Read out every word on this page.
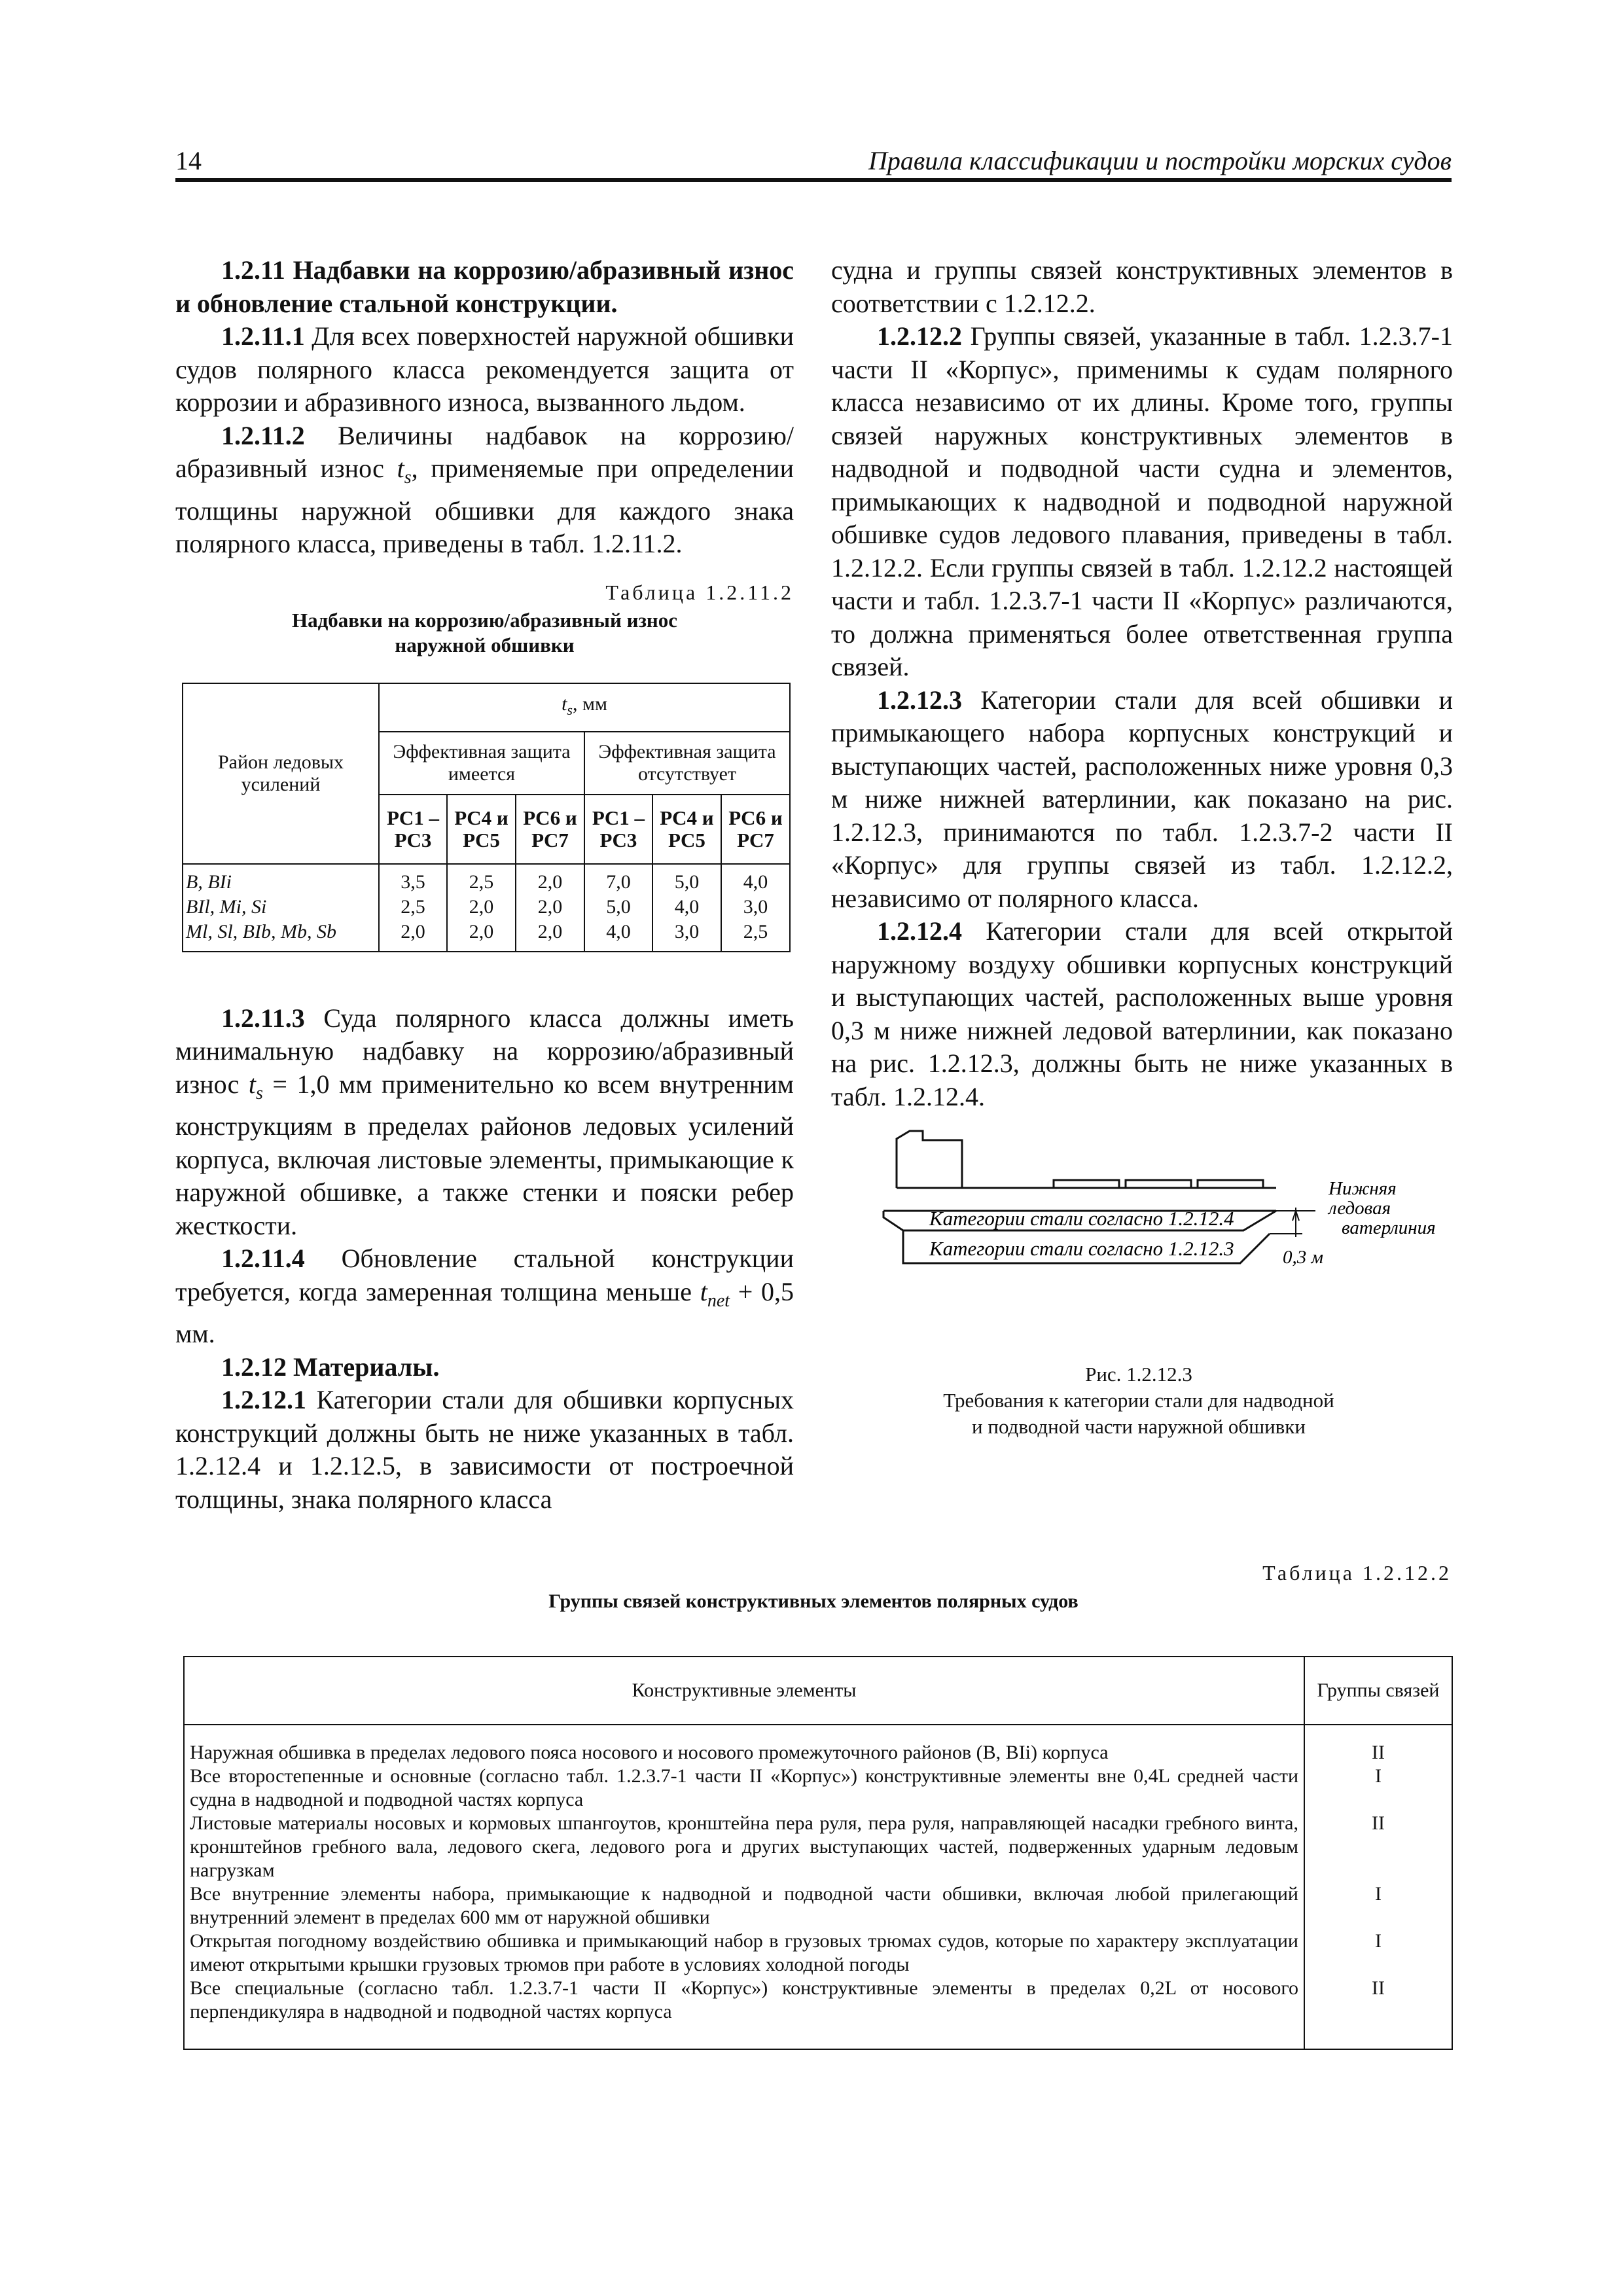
14	Правила классификации и постройки морских судов

1.2.11 Надбавки на коррозию/абразивный износ и обновление стальной конструкции.

1.2.11.1 Для всех поверхностей наружной обшивки судов полярного класса рекомендуется защита от коррозии и абразивного износа, вызванного льдом.

1.2.11.2 Величины надбавок на коррозию/ абразивный износ $t_s$, применяемые при определении толщины наружной обшивки для каждого знака полярного класса, приведены в табл. 1.2.11.2.

Таблица 1.2.11.2
Надбавки на коррозию/абразивный износ наружной обшивки
Район ледовых усилений	$t_s$, мм					
	Эффективная защита имеется			Эффективная защита отсутствует		
	PC1 – PC3	PC4 и PC5	PC6 и PC7	PC1 – PC3	PC4 и PC5	PC6 и PC7
B, BIi	3,5	2,5	2,0	7,0	5,0	4,0
BIl, Mi, Si	2,5	2,0	2,0	5,0	4,0	3,0
Ml, Sl, BIb, Mb, Sb	2,0	2,0	2,0	4,0	3,0	2,5

1.2.11.3 Суда полярного класса должны иметь минимальную надбавку на коррозию/абразивный износ $t_s = 1,0$ мм применительно ко всем внутренним конструкциям в пределах районов ледовых усилений корпуса, включая листовые элементы, примыкающие к наружной обшивке, а также стенки и пояски ребер жесткости.

1.2.11.4 Обновление стальной конструкции требуется, когда замеренная толщина меньше $t_{net} + 0,5$ мм.

1.2.12 Материалы.

1.2.12.1 Категории стали для обшивки корпусных конструкций должны быть не ниже указанных в табл. 1.2.12.4 и 1.2.12.5, в зависимости от построечной толщины, знака полярного класса

судна и группы связей конструктивных элементов в соответствии с 1.2.12.2.

1.2.12.2 Группы связей, указанные в табл. 1.2.3.7-1 части II «Корпус», применимы к судам полярного класса независимо от их длины. Кроме того, группы связей наружных конструктивных элементов в надводной и подводной части судна и элементов, примыкающих к надводной и подводной наружной обшивке судов ледового плавания, приведены в табл. 1.2.12.2. Если группы связей в табл. 1.2.12.2 настоящей части и табл. 1.2.3.7-1 части II «Корпус» различаются, то должна применяться более ответственная группа связей.

1.2.12.3 Категории стали для всей обшивки и примыкающего набора корпусных конструкций и выступающих частей, расположенных ниже уровня 0,3 м ниже нижней ватерлинии, как показано на рис. 1.2.12.3, принимаются по табл. 1.2.3.7-2 части II «Корпус» для группы связей из табл. 1.2.12.2, независимо от полярного класса.

1.2.12.4 Категории стали для всей открытой наружному воздуху обшивки корпусных конструкций и выступающих частей, расположенных выше уровня 0,3 м ниже нижней ледовой ватерлинии, как показано на рис. 1.2.12.3, должны быть не ниже указанных в табл. 1.2.12.4.

Категории стали согласно 1.2.12.4
Категории стали согласно 1.2.12.3
Нижняя
ледовая
ватерлиния
0,3 м
Рис. 1.2.12.3
Требования к категории стали для надводной
и подводной части наружной обшивки
Таблица 1.2.12.2
Группы связей конструктивных элементов полярных судов
Конструктивные элементы	Группы связей
Наружная обшивка в пределах ледового пояса носового и носового промежуточного районов (B, BIi) корпуса	II
Все второстепенные и основные (согласно табл. 1.2.3.7-1 части II «Корпус») конструктивные элементы вне 0,4L средней части судна в надводной и подводной частях корпуса	I
Листовые материалы носовых и кормовых шпангоутов, кронштейна пера руля, пера руля, направляющей насадки гребного винта, кронштейнов гребного вала, ледового скега, ледового рога и других выступающих частей, подверженных ударным ледовым нагрузкам	II
Все внутренние элементы набора, примыкающие к надводной и подводной части обшивки, включая любой прилегающий внутренний элемент в пределах 600 мм от наружной обшивки	I
Открытая погодному воздействию обшивка и примыкающий набор в грузовых трюмах судов, которые по характеру эксплуатации имеют открытыми крышки грузовых трюмов при работе в условиях холодной погоды	I
Все специальные (согласно табл. 1.2.3.7-1 части II «Корпус») конструктивные элементы в пределах 0,2L от носового перпендикуляра в надводной и подводной частях корпуса	II
